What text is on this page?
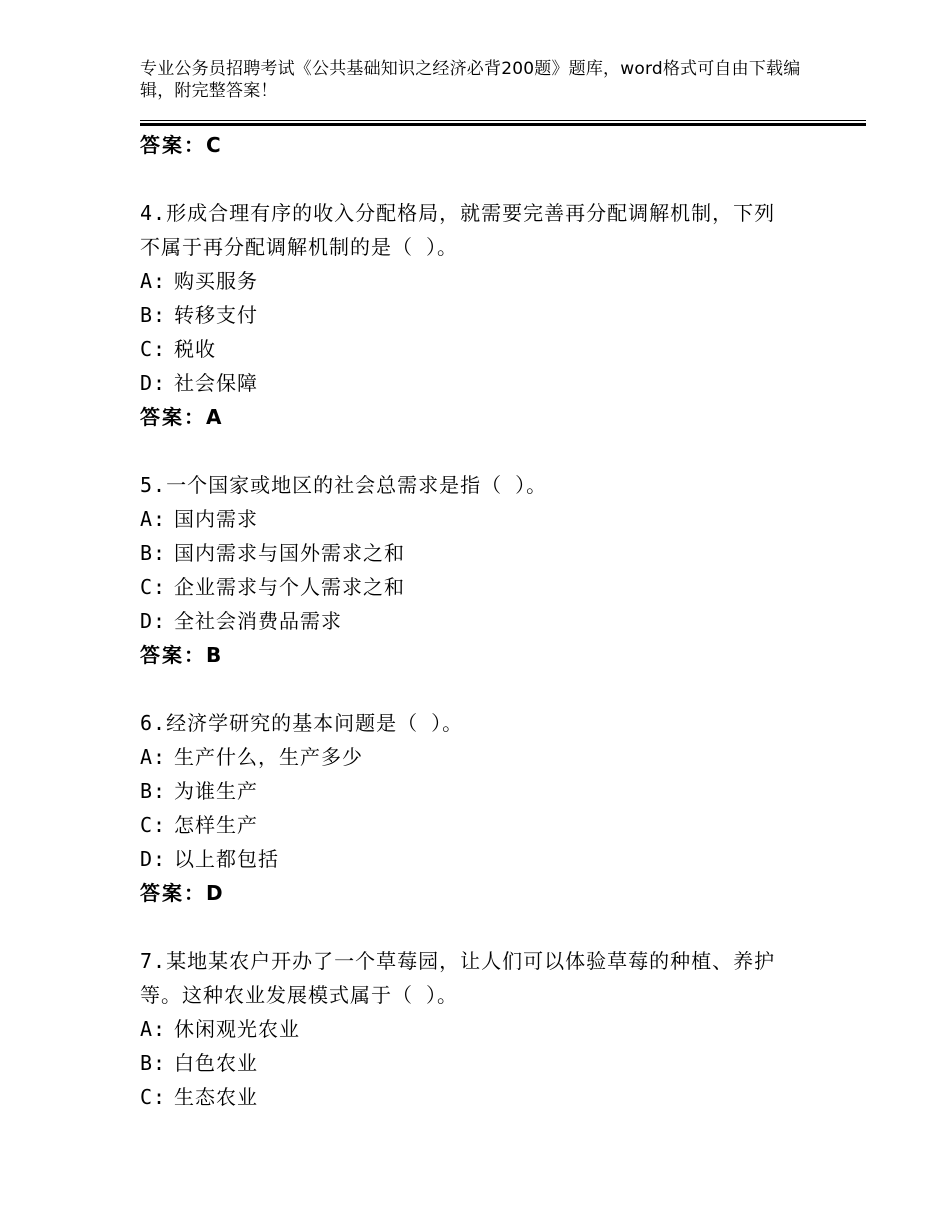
专业公务员招聘考试《公共基础知识之经济必背200题》题库，word格式可自由下载编辑，附完整答案！
答案：C
4.形成合理有序的收入分配格局，就需要完善再分配调解机制，下列
不属于再分配调解机制的是（ ）。
A: 购买服务
B: 转移支付
C: 税收
D: 社会保障
答案：A
5.一个国家或地区的社会总需求是指（ ）。
A: 国内需求
B: 国内需求与国外需求之和
C: 企业需求与个人需求之和
D: 全社会消费品需求
答案：B
6.经济学研究的基本问题是（ ）。
A: 生产什么，生产多少
B: 为谁生产
C: 怎样生产
D: 以上都包括
答案：D
7.某地某农户开办了一个草莓园，让人们可以体验草莓的种植、养护
等。这种农业发展模式属于（ ）。
A: 休闲观光农业
B: 白色农业
C: 生态农业
